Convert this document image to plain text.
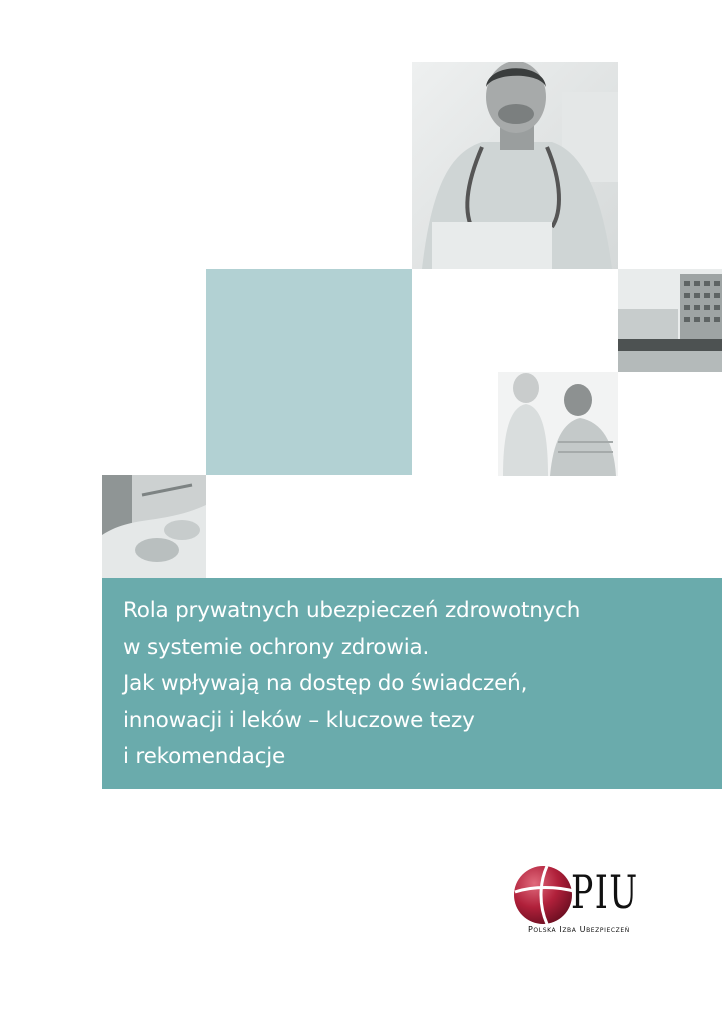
Rola prywatnych ubezpieczeń zdrowotnych
w systemie ochrony zdrowia.
Jak wpływają na dostęp do świadczeń,
innowacji i leków – kluczowe tezy
i rekomendacje
PIU
Polska Izba Ubezpieczeń
